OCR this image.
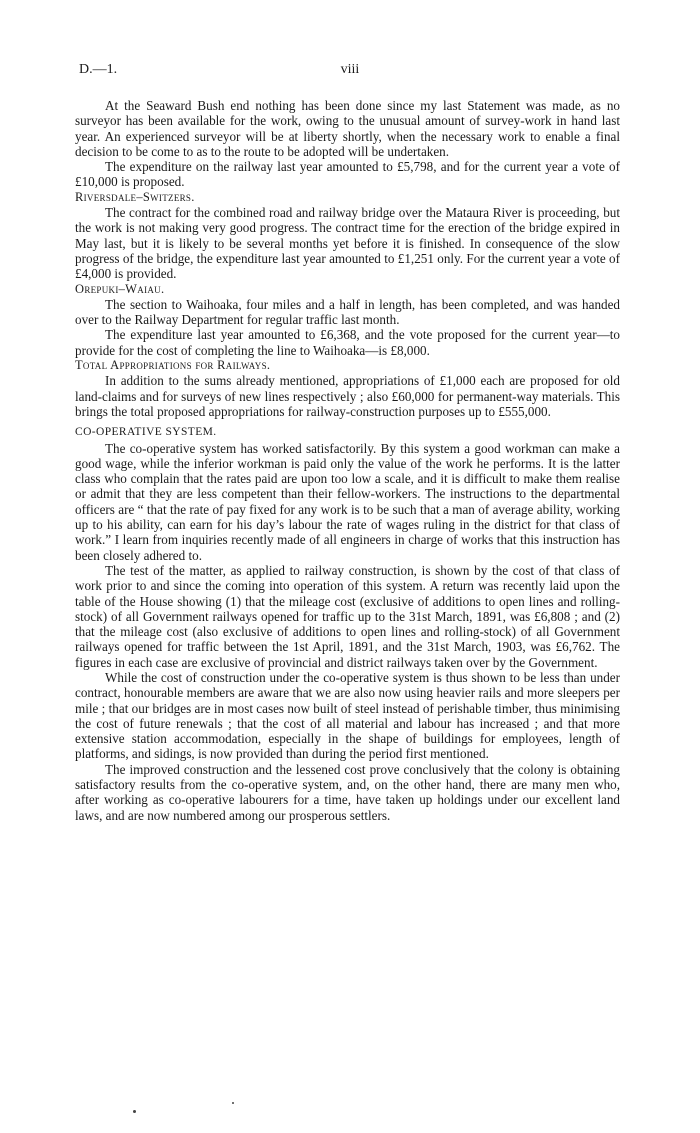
D.—1.	viii

At the Seaward Bush end nothing has been done since my last Statement was made, as no surveyor has been available for the work, owing to the unusual amount of survey-work in hand last year. An experienced surveyor will be at liberty shortly, when the necessary work to enable a final decision to be come to as to the route to be adopted will be undertaken.

The expenditure on the railway last year amounted to £5,798, and for the current year a vote of £10,000 is proposed.

Riversdale–Switzers.

The contract for the combined road and railway bridge over the Mataura River is proceeding, but the work is not making very good progress. The contract time for the erection of the bridge expired in May last, but it is likely to be several months yet before it is finished. In consequence of the slow progress of the bridge, the expenditure last year amounted to £1,251 only. For the current year a vote of £4,000 is provided.

Orepuki–Waiau.

The section to Waihoaka, four miles and a half in length, has been completed, and was handed over to the Railway Department for regular traffic last month.

The expenditure last year amounted to £6,368, and the vote proposed for the current year—to provide for the cost of completing the line to Waihoaka—is £8,000.

Total Appropriations for Railways.

In addition to the sums already mentioned, appropriations of £1,000 each are proposed for old land-claims and for surveys of new lines respectively ; also £60,000 for permanent-way materials. This brings the total proposed appropriations for railway-construction purposes up to £555,000.

CO-OPERATIVE SYSTEM.

The co-operative system has worked satisfactorily. By this system a good workman can make a good wage, while the inferior workman is paid only the value of the work he performs. It is the latter class who complain that the rates paid are upon too low a scale, and it is difficult to make them realise or admit that they are less competent than their fellow-workers. The instructions to the departmental officers are “ that the rate of pay fixed for any work is to be such that a man of average ability, working up to his ability, can earn for his day’s labour the rate of wages ruling in the district for that class of work.” I learn from inquiries recently made of all engineers in charge of works that this instruction has been closely adhered to.

The test of the matter, as applied to railway construction, is shown by the cost of that class of work prior to and since the coming into operation of this system. A return was recently laid upon the table of the House showing (1) that the mileage cost (exclusive of additions to open lines and rolling-stock) of all Government railways opened for traffic up to the 31st March, 1891, was £6,808 ; and (2) that the mileage cost (also exclusive of additions to open lines and rolling-stock) of all Government railways opened for traffic between the 1st April, 1891, and the 31st March, 1903, was £6,762. The figures in each case are exclusive of provincial and district railways taken over by the Government.

While the cost of construction under the co-operative system is thus shown to be less than under contract, honourable members are aware that we are also now using heavier rails and more sleepers per mile ; that our bridges are in most cases now built of steel instead of perishable timber, thus minimising the cost of future renewals ; that the cost of all material and labour has increased ; and that more extensive station accommodation, especially in the shape of buildings for employees, length of platforms, and sidings, is now provided than during the period first mentioned.

The improved construction and the lessened cost prove conclusively that the colony is obtaining satisfactory results from the co-operative system, and, on the other hand, there are many men who, after working as co-operative labourers for a time, have taken up holdings under our excellent land laws, and are now numbered among our prosperous settlers.
